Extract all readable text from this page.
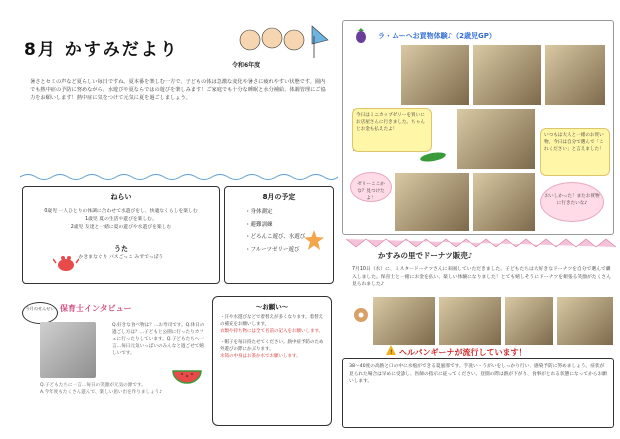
8月 かすみだより
令和6年度
暑さとセミの声など夏らしい毎日ですね。夏本番を楽しむ一方で、子どもの体は急激な変化や暑さに疲れやすい状態です。園内でも熱中症の予防に努めながら、水遊びや夏ならではの遊びを楽しみます！ご家庭でも十分な睡眠と水分補給、体調管理にご協力をお願いします！熱中症に気をつけて元気に夏を過ごしましょう。
ねらい
0歳児 一人ひとりの体調に合わせて水遊びをし、快適なくらしを楽しむ
1歳児 夏の生活や遊びを楽しむ。
2歳児 友達と一緒に夏の遊びや水遊びを楽しむ
うた
かきまなぐり パスごっこ みずでっぽう
8月の予定
・身体測定
・避難訓練
・どろんこ遊び、水遊び
・フルーツゼリー遊び
今月のせんせい 保育士インタビュー
Q.好きな食べ物は？…お寿司です。Q.休日の過ごし方は？…子どもと公園に行ったりカフェに行ったりしています。Q.子どもたちへ一言…毎日元気いっぱいのみんなと過ごせて嬉しいです。
Q.子どもたちに一言…毎日の笑顔が元気の源です。
A.今年度もたくさん遊んで、楽しい思い出を作りましょう♪
〜お願い〜
・汗や水遊びなどで着替えが多くなります。着替えの補充をお願いします。
衣類や持ち物には全て名前の記入をお願いします。
・帽子を毎日持たせてください。熱中症予防のため外遊びの際にかぶります。
水筒の中身はお茶か水でお願いします。
ラ・ムーへお買物体験♪（2歳児GP）
今日はミニカップゼリーを買いにお店屋さんに行きました。ちゃんとお金も払えたよ！
いつもは大人と一緒のお買い物、今日は自分で選んで「これください」と言えました！
ゼリーここかな？見つけたよ！	おいしかった！またお買物に行きたいな♪
かすみの里でドーナツ販売♪
7月10日（水）に、ミスタードーナツさんに来園していただきました。子どもたちは大好きなドーナツを自分で選んで購入しました。保育士と一緒にお金を払い、楽しい体験になりました！とても嬉しそうにドーナツを頬張る笑顔がたくさん見られました♪
! ヘルパンギーナが流行しています！
38〜40度の高熱と口の中に水疱ができる夏風邪です。手洗い・うがいをしっかり行い、感染予防に努めましょう。症状が見られた場合は早めに受診し、医師の指示に従ってください。登園の際は熱が下がり、食事がとれる状態になってからお願いします。
